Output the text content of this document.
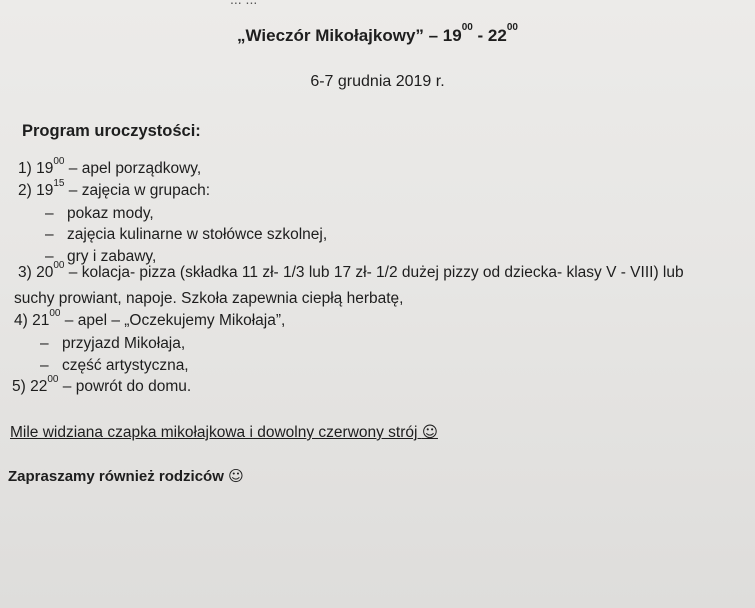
„Wieczór Mikołajkowy” – $19^{00} - 22^{00}$
6-7 grudnia 2019 r.
Program uroczystości:
1) $19^{00}$ – apel porządkowy,
2) $19^{15}$ – zajęcia w grupach:
– pokaz mody,
– zajęcia kulinarne w stołówce szkolnej,
– gry i zabawy,
3) $20^{00}$ – kolacja- pizza (składka 11 zł- 1/3 lub 17 zł- 1/2 dużej pizzy od dziecka- klasy V - VIII) lub
suchy prowiant, napoje. Szkoła zapewnia ciepłą herbatę,
4) $21^{00}$ – apel – „Oczekujemy Mikołaja”,
– przyjazd Mikołaja,
– część artystyczna,
5) $22^{00}$ – powrót do domu.
Mile widziana czapka mikołajkowa i dowolny czerwony strój ☺
Zapraszamy również rodziców ☺
